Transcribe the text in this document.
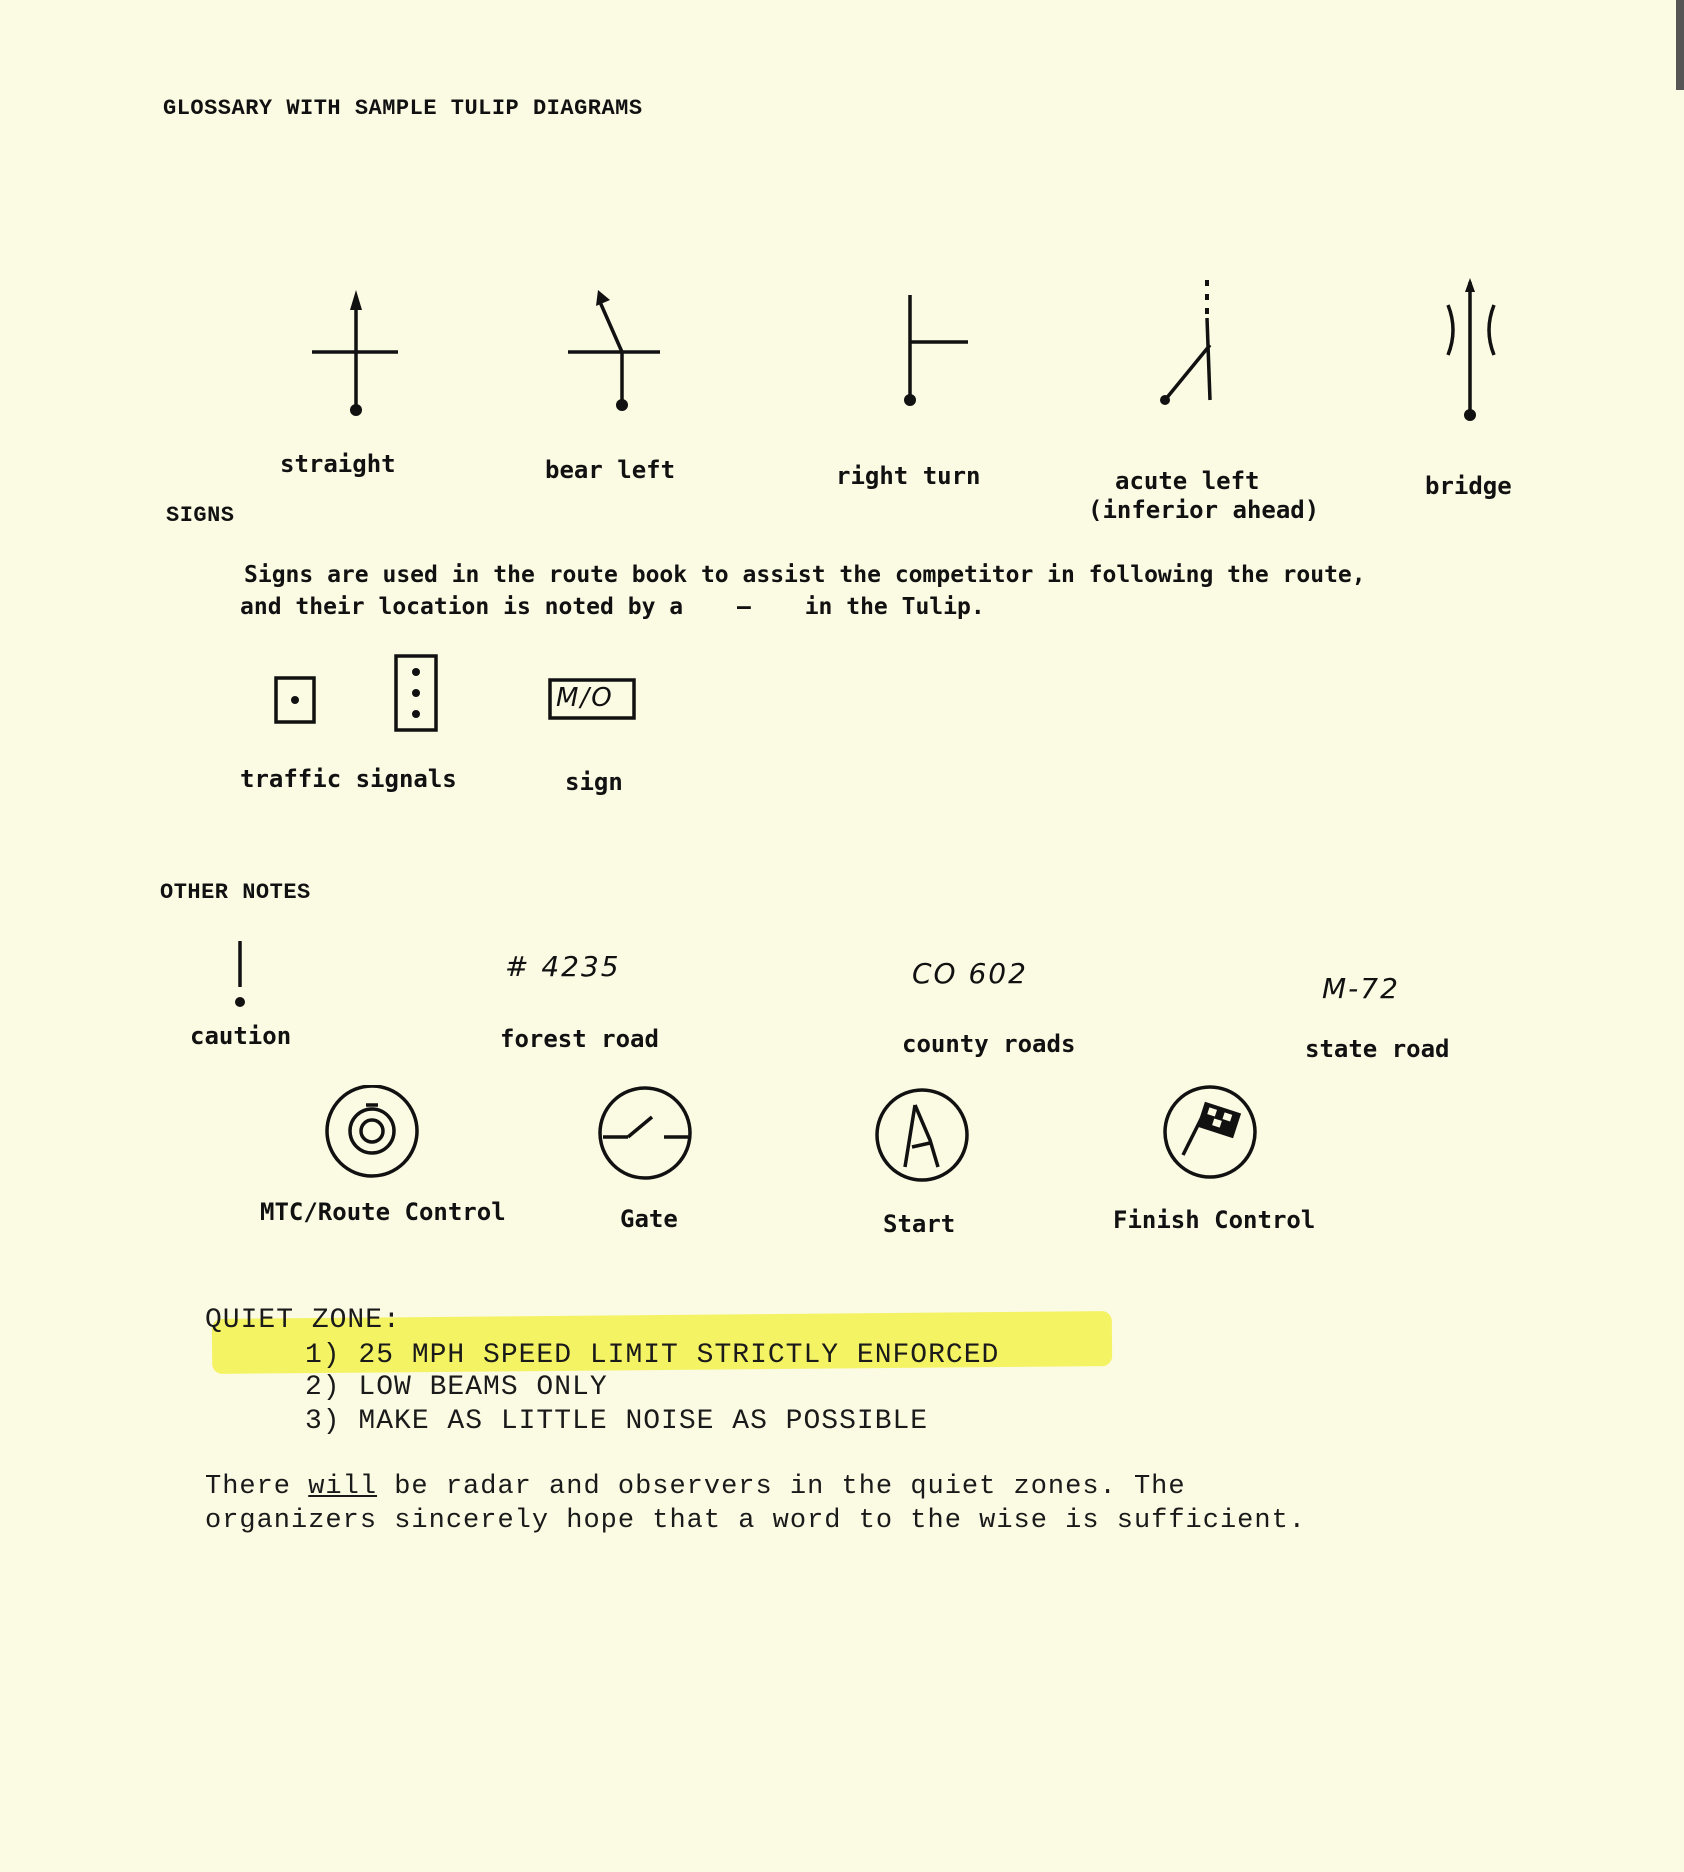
GLOSSARY WITH SAMPLE TULIP DIAGRAMS
straight	bear left	right turn	acute left
(inferior ahead)
bridge
SIGNS
Signs are used in the route book to assist the competitor in following the route,
and their location is noted by a — in the Tulip.
M/O
traffic signals	sign
OTHER NOTES
caution
# 4235
forest road
CO 602
county roads
M-72
state road
MTC/Route Control	Gate	Start	Finish Control
QUIET ZONE:
1) 25 MPH SPEED LIMIT STRICTLY ENFORCED
2) LOW BEAMS ONLY
3) MAKE AS LITTLE NOISE AS POSSIBLE
There will be radar and observers in the quiet zones. The
organizers sincerely hope that a word to the wise is sufficient.
